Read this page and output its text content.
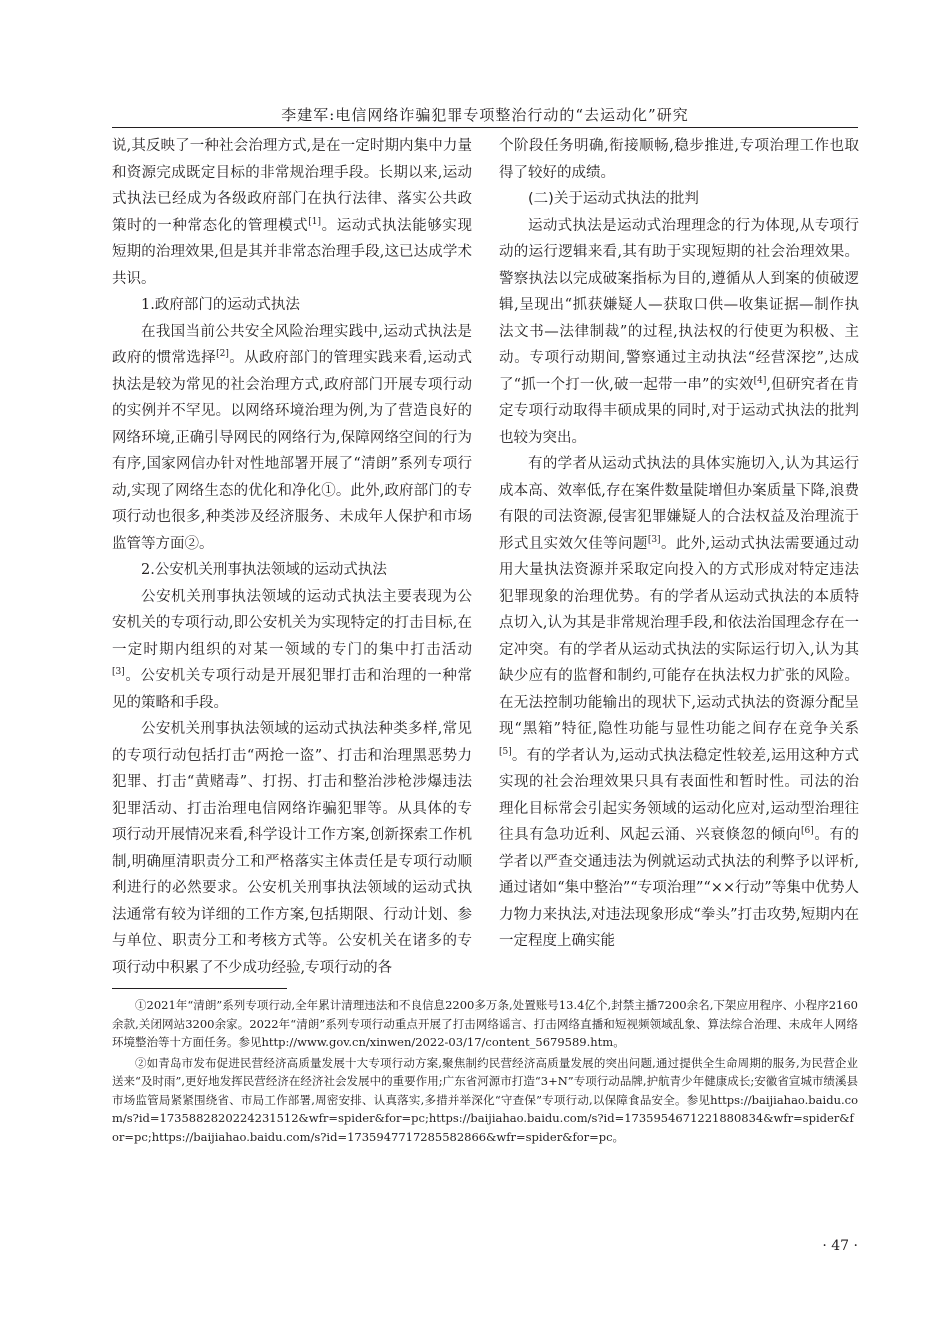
李建军:电信网络诈骗犯罪专项整治行动的“去运动化”研究

说,其反映了一种社会治理方式,是在一定时期内集中力量和资源完成既定目标的非常规治理手段。长期以来,运动式执法已经成为各级政府部门在执行法律、落实公共政策时的一种常态化的管理模式[1]。运动式执法能够实现短期的治理效果,但是其并非常态治理手段,这已达成学术共识。

1.政府部门的运动式执法

在我国当前公共安全风险治理实践中,运动式执法是政府的惯常选择[2]。从政府部门的管理实践来看,运动式执法是较为常见的社会治理方式,政府部门开展专项行动的实例并不罕见。以网络环境治理为例,为了营造良好的网络环境,正确引导网民的网络行为,保障网络空间的行为有序,国家网信办针对性地部署开展了“清朗”系列专项行动,实现了网络生态的优化和净化①。此外,政府部门的专项行动也很多,种类涉及经济服务、未成年人保护和市场监管等方面②。

2.公安机关刑事执法领域的运动式执法

公安机关刑事执法领域的运动式执法主要表现为公安机关的专项行动,即公安机关为实现特定的打击目标,在一定时期内组织的对某一领域的专门的集中打击活动[3]。公安机关专项行动是开展犯罪打击和治理的一种常见的策略和手段。

公安机关刑事执法领域的运动式执法种类多样,常见的专项行动包括打击“两抢一盗”、打击和治理黑恶势力犯罪、打击“黄赌毒”、打拐、打击和整治涉枪涉爆违法犯罪活动、打击治理电信网络诈骗犯罪等。从具体的专项行动开展情况来看,科学设计工作方案,创新探索工作机制,明确厘清职责分工和严格落实主体责任是专项行动顺利进行的必然要求。公安机关刑事执法领域的运动式执法通常有较为详细的工作方案,包括期限、行动计划、参与单位、职责分工和考核方式等。公安机关在诸多的专项行动中积累了不少成功经验,专项行动的各

个阶段任务明确,衔接顺畅,稳步推进,专项治理工作也取得了较好的成绩。

(二)关于运动式执法的批判

运动式执法是运动式治理理念的行为体现,从专项行动的运行逻辑来看,其有助于实现短期的社会治理效果。警察执法以完成破案指标为目的,遵循从人到案的侦破逻辑,呈现出“抓获嫌疑人—获取口供—收集证据—制作执法文书—法律制裁”的过程,执法权的行使更为积极、主动。专项行动期间,警察通过主动执法“经营深挖”,达成了“抓一个打一伙,破一起带一串”的实效[4],但研究者在肯定专项行动取得丰硕成果的同时,对于运动式执法的批判也较为突出。

有的学者从运动式执法的具体实施切入,认为其运行成本高、效率低,存在案件数量陡增但办案质量下降,浪费有限的司法资源,侵害犯罪嫌疑人的合法权益及治理流于形式且实效欠佳等问题[3]。此外,运动式执法需要通过动用大量执法资源并采取定向投入的方式形成对特定违法犯罪现象的治理优势。有的学者从运动式执法的本质特点切入,认为其是非常规治理手段,和依法治国理念存在一定冲突。有的学者从运动式执法的实际运行切入,认为其缺少应有的监督和制约,可能存在执法权力扩张的风险。在无法控制功能输出的现状下,运动式执法的资源分配呈现“黑箱”特征,隐性功能与显性功能之间存在竞争关系[5]。有的学者认为,运动式执法稳定性较差,运用这种方式实现的社会治理效果只具有表面性和暂时性。司法的治理化目标常会引起实务领域的运动化应对,运动型治理往往具有急功近利、风起云涌、兴衰倏忽的倾向[6]。有的学者以严查交通违法为例就运动式执法的利弊予以评析,通过诸如“集中整治”“专项治理”“××行动”等集中优势人力物力来执法,对违法现象形成“拳头”打击攻势,短期内在一定程度上确实能

①2021年“清朗”系列专项行动,全年累计清理违法和不良信息2200多万条,处置账号13.4亿个,封禁主播7200余名,下架应用程序、小程序2160余款,关闭网站3200余家。2022年“清朗”系列专项行动重点开展了打击网络谣言、打击网络直播和短视频领域乱象、算法综合治理、未成年人网络环境整治等十方面任务。参见http://www.gov.cn/xinwen/2022-03/17/content_5679589.htm。

②如青岛市发布促进民营经济高质量发展十大专项行动方案,聚焦制约民营经济高质量发展的突出问题,通过提供全生命周期的服务,为民营企业送来“及时雨”,更好地发挥民营经济在经济社会发展中的重要作用;广东省河源市打造“3+N”专项行动品牌,护航青少年健康成长;安徽省宣城市绩溪县市场监管局紧紧围绕省、市局工作部署,周密安排、认真落实,多措并举深化“守查保”专项行动,以保障食品安全。参见https://baijiahao.baidu.com/s?id=1735882820224231512&wfr=spider&for=pc;https://baijiahao.baidu.com/s?id=1735954671221880834&wfr=spider&for=pc;https://baijiahao.baidu.com/s?id=1735947717285582866&wfr=spider&for=pc。

· 47 ·
